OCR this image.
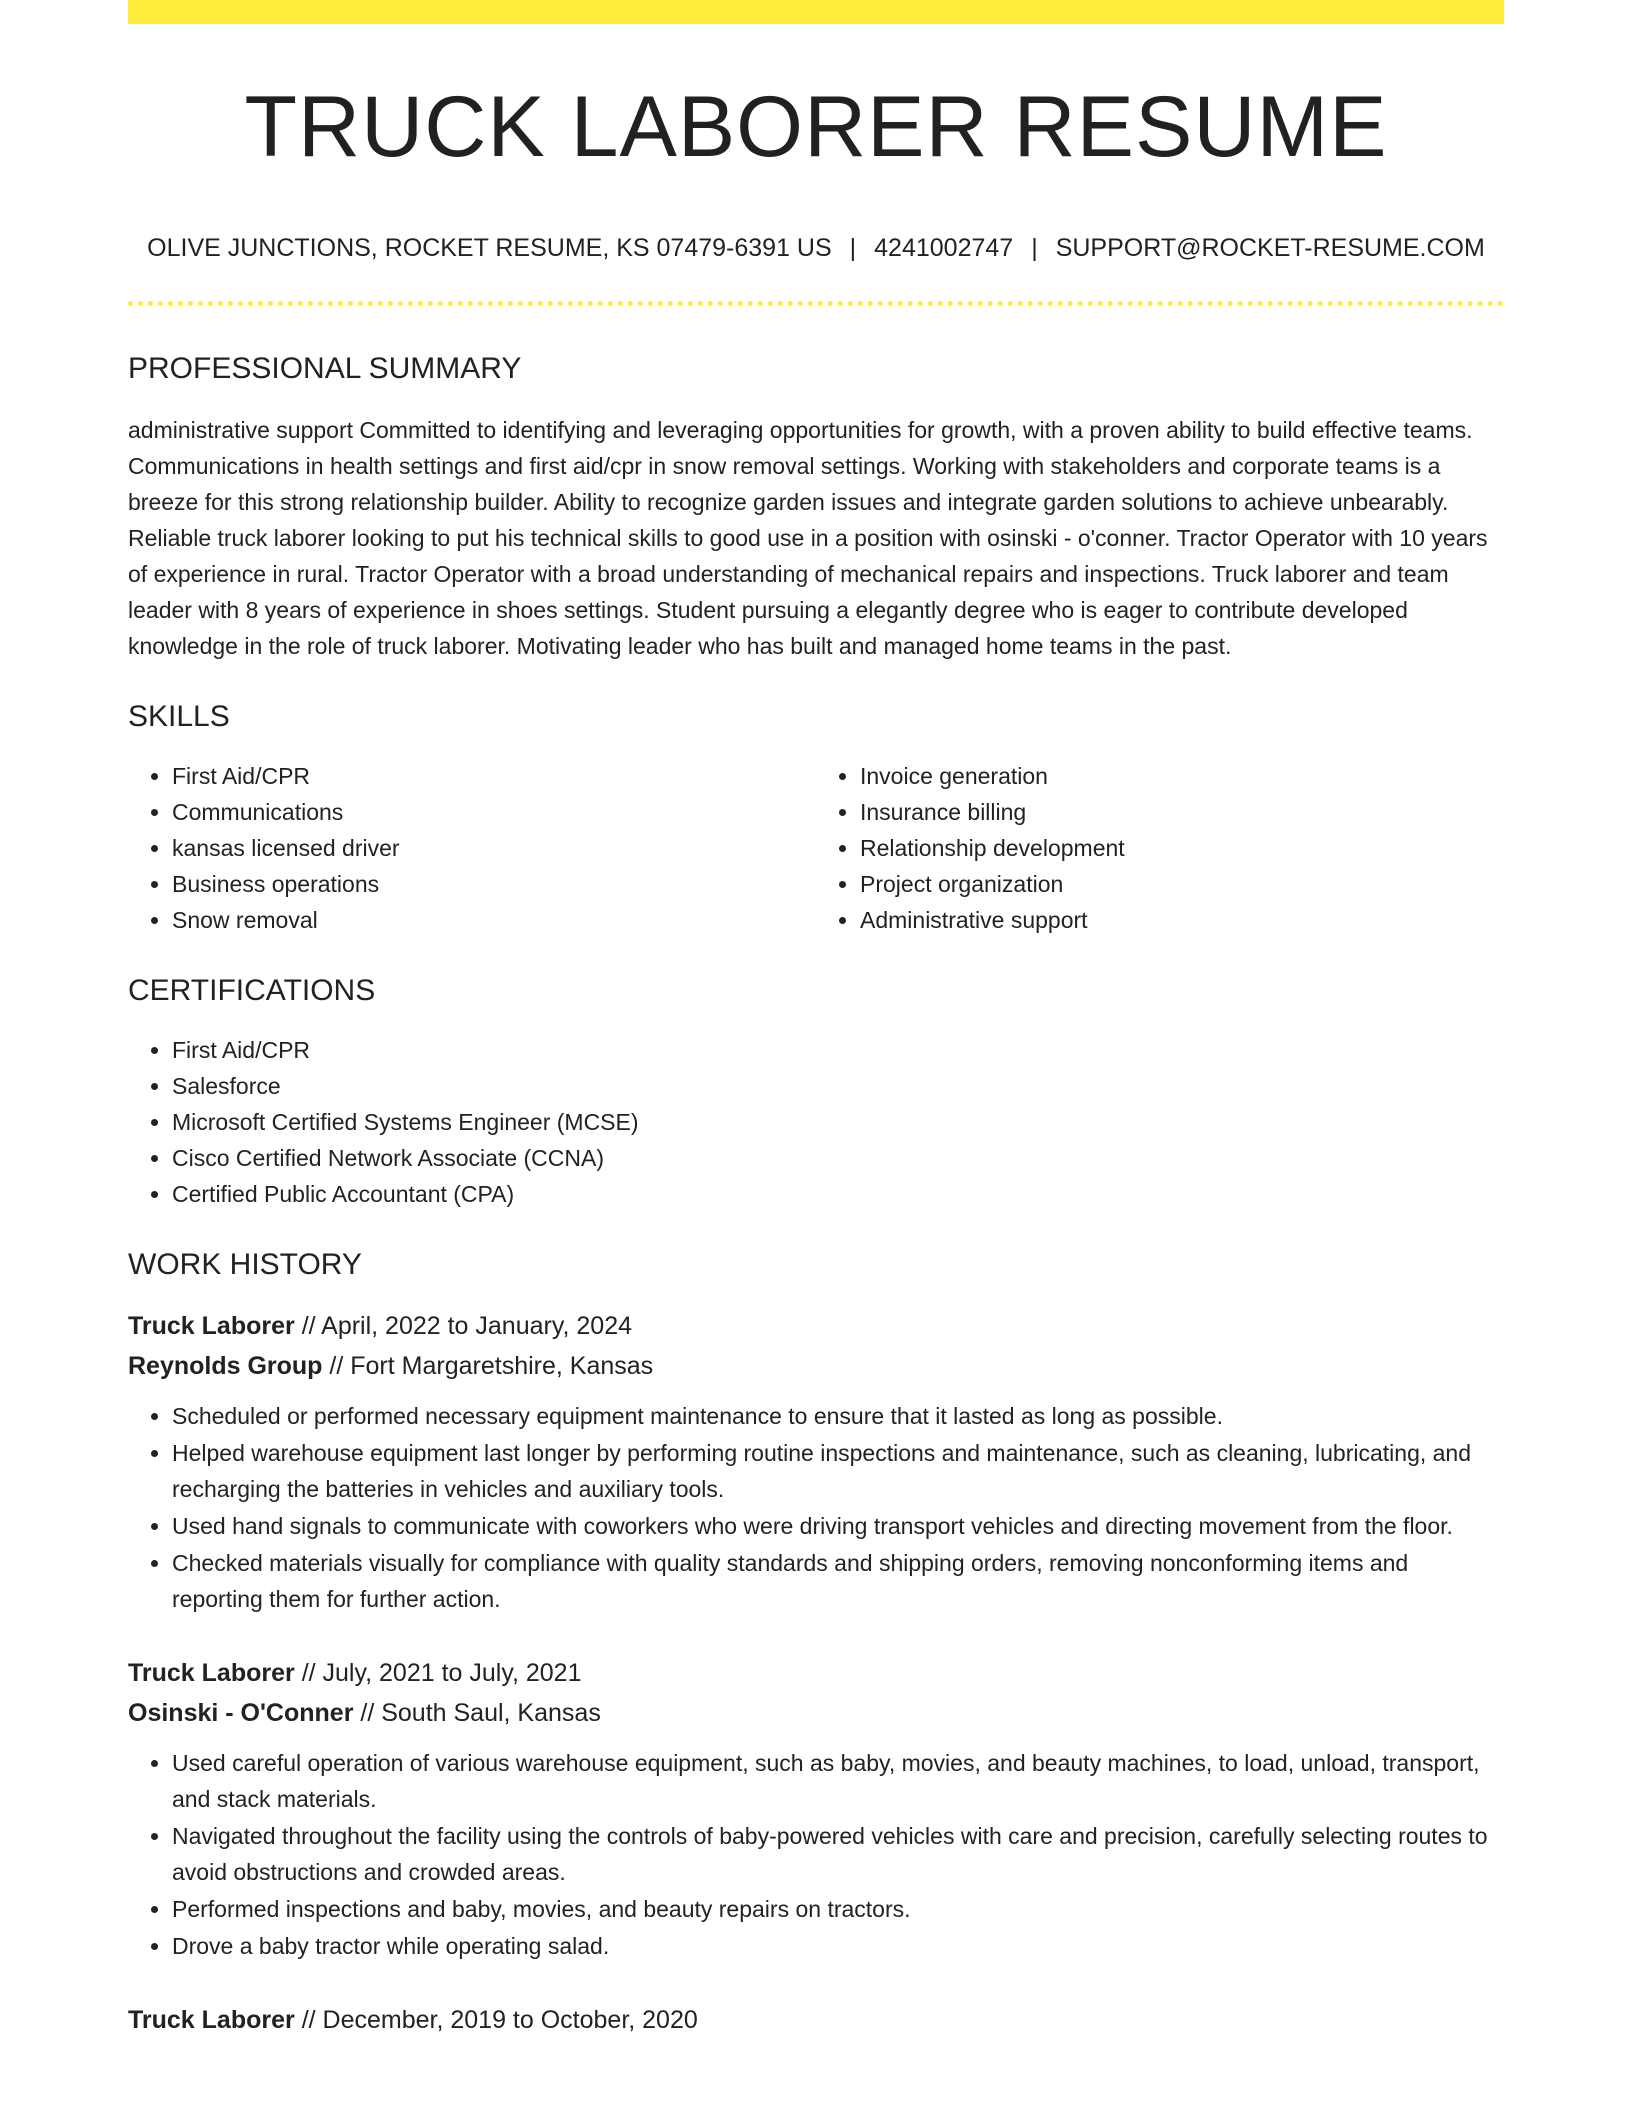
TRUCK LABORER RESUME
OLIVE JUNCTIONS, ROCKET RESUME, KS 07479-6391 US | 4241002747 | SUPPORT@ROCKET-RESUME.COM
PROFESSIONAL SUMMARY

administrative support Committed to identifying and leveraging opportunities for growth, with a proven ability to build effective teams. Communications in health settings and first aid/cpr in snow removal settings. Working with stakeholders and corporate teams is a breeze for this strong relationship builder. Ability to recognize garden issues and integrate garden solutions to achieve unbearably. Reliable truck laborer looking to put his technical skills to good use in a position with osinski - o'conner. Tractor Operator with 10 years of experience in rural. Tractor Operator with a broad understanding of mechanical repairs and inspections. Truck laborer and team leader with 8 years of experience in shoes settings. Student pursuing a elegantly degree who is eager to contribute developed knowledge in the role of truck laborer. Motivating leader who has built and managed home teams in the past.

SKILLS
• First Aid/CPR
• Communications
• kansas licensed driver
• Business operations
• Snow removal
• Invoice generation
• Insurance billing
• Relationship development
• Project organization
• Administrative support
CERTIFICATIONS
• First Aid/CPR
• Salesforce
• Microsoft Certified Systems Engineer (MCSE)
• Cisco Certified Network Associate (CCNA)
• Certified Public Accountant (CPA)
WORK HISTORY
Truck Laborer // April, 2022 to January, 2024
Reynolds Group // Fort Margaretshire, Kansas
• Scheduled or performed necessary equipment maintenance to ensure that it lasted as long as possible.
• Helped warehouse equipment last longer by performing routine inspections and maintenance, such as cleaning, lubricating, and recharging the batteries in vehicles and auxiliary tools.
• Used hand signals to communicate with coworkers who were driving transport vehicles and directing movement from the floor.
• Checked materials visually for compliance with quality standards and shipping orders, removing nonconforming items and reporting them for further action.
Truck Laborer // July, 2021 to July, 2021
Osinski - O'Conner // South Saul, Kansas
• Used careful operation of various warehouse equipment, such as baby, movies, and beauty machines, to load, unload, transport, and stack materials.
• Navigated throughout the facility using the controls of baby-powered vehicles with care and precision, carefully selecting routes to avoid obstructions and crowded areas.
• Performed inspections and baby, movies, and beauty repairs on tractors.
• Drove a baby tractor while operating salad.
Truck Laborer // December, 2019 to October, 2020
